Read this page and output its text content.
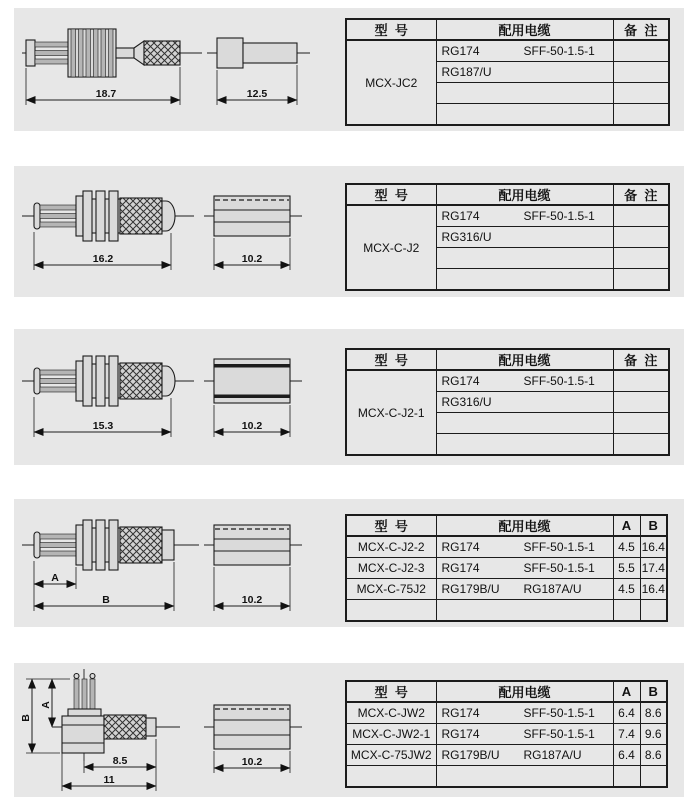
18.7	12.5
型  号	配用电缆	备  注
MCX-JC2	RG174 SFF-50-1.5-1	
	RG187/U	

16.2	10.2
型  号	配用电缆	备  注
MCX-C-J2	RG174 SFF-50-1.5-1	
	RG316/U	

15.3	10.2
型  号	配用电缆	备  注
MCX-C-J2-1	RG174 SFF-50-1.5-1	
	RG316/U	

A
B	10.2
型  号	配用电缆	A	B
MCX-C-J2-2	RG174 SFF-50-1.5-1	4.5	16.4
MCX-C-J2-3	RG174 SFF-50-1.5-1	5.5	17.4
MCX-C-75J2	RG179B/U RG187A/U	4.5	16.4

B
A
8.5
11
10.2
型  号	配用电缆	A	B
MCX-C-JW2	RG174 SFF-50-1.5-1	6.4	8.6
MCX-C-JW2-1	RG174 SFF-50-1.5-1	7.4	9.6
MCX-C-75JW2	RG179B/U RG187A/U	6.4	8.6
